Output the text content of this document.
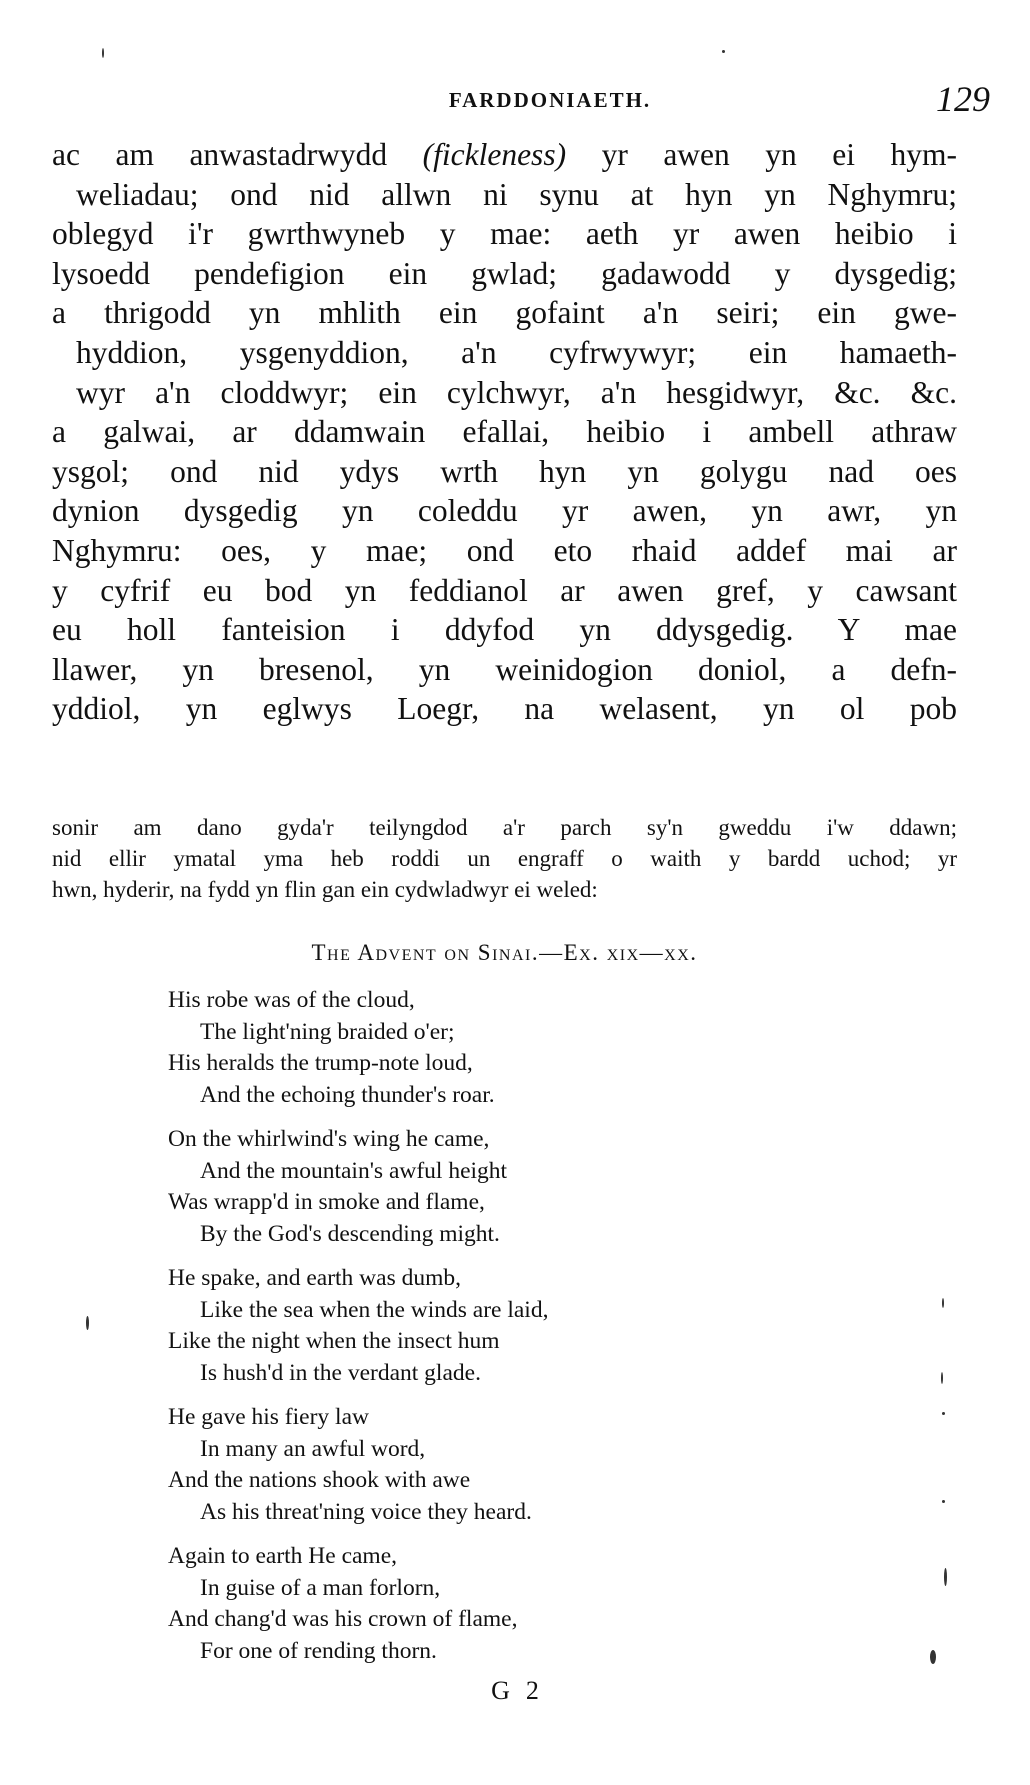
FARDDONIAETH.	129
ac am anwastadrwydd (fickleness) yr awen yn ei hym-
weliadau; ond nid allwn ni synu at hyn yn Nghymru;
oblegyd i'r gwrthwyneb y mae: aeth yr awen heibio i
lysoedd pendefigion ein gwlad; gadawodd y dysgedig;
a thrigodd yn mhlith ein gofaint a'n seiri; ein gwe-
hyddion, ysgenyddion, a'n cyfrwywyr; ein hamaeth-
wyr a'n cloddwyr; ein cylchwyr, a'n hesgidwyr, &c. &c.
a galwai, ar ddamwain efallai, heibio i ambell athraw
ysgol; ond nid ydys wrth hyn yn golygu nad oes
dynion dysgedig yn coleddu yr awen, yn awr, yn
Nghymru: oes, y mae; ond eto rhaid addef mai ar
y cyfrif eu bod yn feddianol ar awen gref, y cawsant
eu holl fanteision i ddyfod yn ddysgedig. Y mae
llawer, yn bresenol, yn weinidogion doniol, a defn-
yddiol, yn eglwys Loegr, na welasent, yn ol pob
sonir am dano gyda'r teilyngdod a'r parch sy'n gweddu i'w ddawn;
nid ellir ymatal yma heb roddi un engraff o waith y bardd uchod; yr
hwn, hyderir, na fydd yn flin gan ein cydwladwyr ei weled:
The Advent on Sinai.—Ex. xix—xx.
His robe was of the cloud,
The light'ning braided o'er;
His heralds the trump-note loud,
And the echoing thunder's roar.
On the whirlwind's wing he came,
And the mountain's awful height
Was wrapp'd in smoke and flame,
By the God's descending might.
He spake, and earth was dumb,
Like the sea when the winds are laid,
Like the night when the insect hum
Is hush'd in the verdant glade.
He gave his fiery law
In many an awful word,
And the nations shook with awe
As his threat'ning voice they heard.
Again to earth He came,
In guise of a man forlorn,
And chang'd was his crown of flame,
For one of rending thorn.
G 2
